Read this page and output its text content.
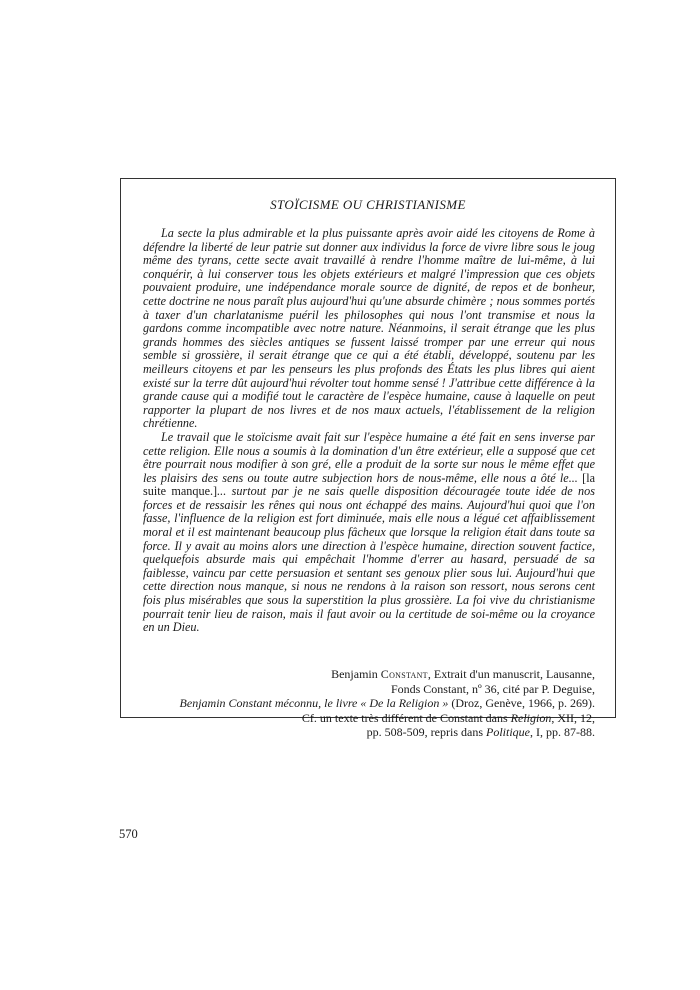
STOÏCISME OU CHRISTIANISME

La secte la plus admirable et la plus puissante après avoir aidé les citoyens de Rome à défendre la liberté de leur patrie sut donner aux individus la force de vivre libre sous le joug même des tyrans, cette secte avait travaillé à rendre l'homme maître de lui-même, à lui conquérir, à lui conserver tous les objets extérieurs et malgré l'impression que ces objets pouvaient produire, une indépendance morale source de dignité, de repos et de bonheur, cette doctrine ne nous paraît plus aujourd'hui qu'une absurde chimère ; nous sommes portés à taxer d'un charlatanisme puéril les philosophes qui nous l'ont transmise et nous la gardons comme incompatible avec notre nature. Néanmoins, il serait étrange que les plus grands hommes des siècles antiques se fussent laissé tromper par une erreur qui nous semble si grossière, il serait étrange que ce qui a été établi, développé, soutenu par les meilleurs citoyens et par les penseurs les plus profonds des États les plus libres qui aient existé sur la terre dût aujourd'hui révolter tout homme sensé ! J'attribue cette différence à la grande cause qui a modifié tout le caractère de l'espèce humaine, cause à laquelle on peut rapporter la plupart de nos livres et de nos maux actuels, l'établissement de la religion chrétienne.

Le travail que le stoïcisme avait fait sur l'espèce humaine a été fait en sens inverse par cette religion. Elle nous a soumis à la domination d'un être extérieur, elle a supposé que cet être pourrait nous modifier à son gré, elle a produit de la sorte sur nous le même effet que les plaisirs des sens ou toute autre subjection hors de nous-même, elle nous a ôté le... [la suite manque.]... surtout par je ne sais quelle disposition découragée toute idée de nos forces et de ressaisir les rênes qui nous ont échappé des mains. Aujourd'hui quoi que l'on fasse, l'influence de la religion est fort diminuée, mais elle nous a légué cet affaiblissement moral et il est maintenant beaucoup plus fâcheux que lorsque la religion était dans toute sa force. Il y avait au moins alors une direction à l'espèce humaine, direction souvent factice, quelquefois absurde mais qui empêchait l'homme d'errer au hasard, persuadé de sa faiblesse, vaincu par cette persuasion et sentant ses genoux plier sous lui. Aujourd'hui que cette direction nous manque, si nous ne rendons à la raison son ressort, nous serons cent fois plus misérables que sous la superstition la plus grossière. La foi vive du christianisme pourrait tenir lieu de raison, mais il faut avoir ou la certitude de soi-même ou la croyance en un Dieu.

Benjamin Constant, Extrait d'un manuscrit, Lausanne,
Fonds Constant, nº 36, cité par P. Deguise,
Benjamin Constant méconnu, le livre « De la Religion » (Droz, Genève, 1966, p. 269).
Cf. un texte très différent de Constant dans Religion, XII, 12,
pp. 508-509, repris dans Politique, I, pp. 87-88.
570
